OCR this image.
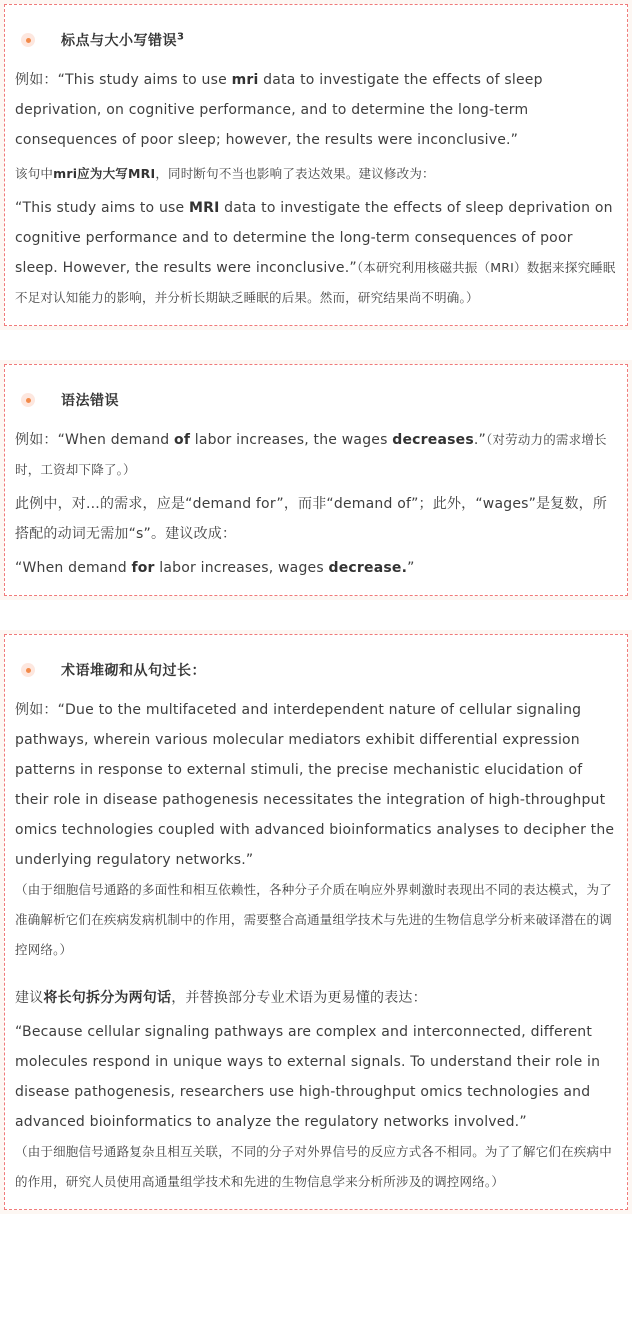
标点与大小写错误$^3$

例如：“This study aims to use mri data to investigate the effects of sleep deprivation, on cognitive performance, and to determine the long-term consequences of poor sleep; however, the results were inconclusive.”

该句中mri应为大写MRI，同时断句不当也影响了表达效果。建议修改为：

“This study aims to use MRI data to investigate the effects of sleep deprivation on cognitive performance and to determine the long-term consequences of poor sleep. However, the results were inconclusive.”（本研究利用核磁共振（MRI）数据来探究睡眠不足对认知能力的影响，并分析长期缺乏睡眠的后果。然而，研究结果尚不明确。）

语法错误

例如：“When demand of labor increases, the wages decreases.”（对劳动力的需求增长时，工资却下降了。）

此例中，对...的需求，应是“demand for”，而非“demand of”；此外，“wages”是复数，所搭配的动词无需加“s”。建议改成：

“When demand for labor increases, wages decrease.”

术语堆砌和从句过长：

例如：“Due to the multifaceted and interdependent nature of cellular signaling pathways, wherein various molecular mediators exhibit differential expression patterns in response to external stimuli, the precise mechanistic elucidation of their role in disease pathogenesis necessitates the integration of high-throughput omics technologies coupled with advanced bioinformatics analyses to decipher the underlying regulatory networks.”

（由于细胞信号通路的多面性和相互依赖性，各种分子介质在响应外界刺激时表现出不同的表达模式，为了准确解析它们在疾病发病机制中的作用，需要整合高通量组学技术与先进的生物信息学分析来破译潜在的调控网络。）

建议将长句拆分为两句话，并替换部分专业术语为更易懂的表达：

“Because cellular signaling pathways are complex and interconnected, different molecules respond in unique ways to external signals. To understand their role in disease pathogenesis, researchers use high-throughput omics technologies and advanced bioinformatics to analyze the regulatory networks involved.”

（由于细胞信号通路复杂且相互关联，不同的分子对外界信号的反应方式各不相同。为了了解它们在疾病中的作用，研究人员使用高通量组学技术和先进的生物信息学来分析所涉及的调控网络。）
